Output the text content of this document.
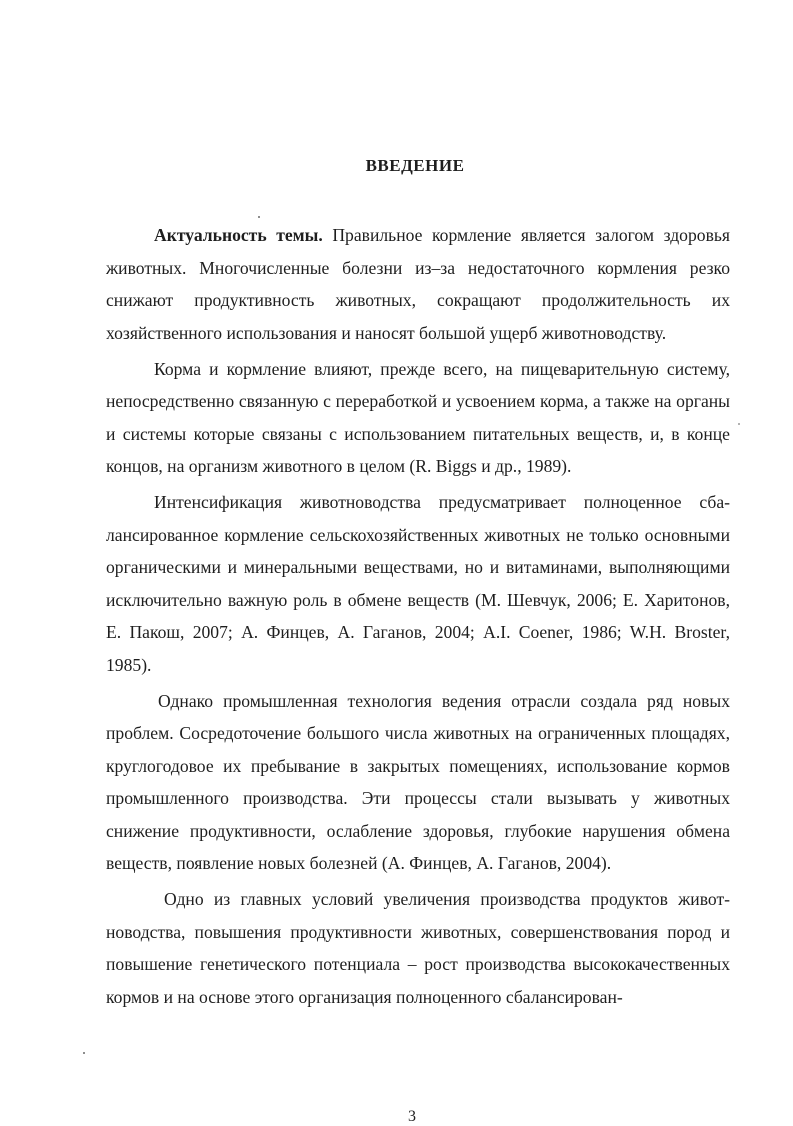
ВВЕДЕНИЕ

Актуальность темы. Правильное кормление является залогом здоровья животных. Многочисленные болезни из–за недостаточного кормления резко снижают продуктивность животных, сокращают продолжительность их хозяйственного использования и наносят большой ущерб животноводству.

Корма и кормление влияют, прежде всего, на пищеварительную систему, непосредственно связанную с переработкой и усвоением корма, а также на органы и системы которые связаны с использованием питательных веществ, и, в конце концов, на организм животного в целом (R. Biggs и др., 1989).

Интенсификация животноводства предусматривает полноценное сбалансированное кормление сельскохозяйственных животных не только основными органическими и минеральными веществами, но и витаминами, выполняющими исключительно важную роль в обмене веществ (М. Шевчук, 2006; Е. Харитонов, Е. Пакош, 2007; А. Финцев, А. Гаганов, 2004; A.I. Coener, 1986; W.H. Broster, 1985).

Однако промышленная технология ведения отрасли создала ряд новых проблем. Сосредоточение большого числа животных на ограниченных площадях, круглогодовое их пребывание в закрытых помещениях, использование кормов промышленного производства. Эти процессы стали вызывать у животных снижение продуктивности, ослабление здоровья, глубокие нарушения обмена веществ, появление новых болезней (А. Финцев, А. Гаганов, 2004).

Одно из главных условий увеличения производства продуктов животноводства, повышения продуктивности животных, совершенствования пород и повышение генетического потенциала – рост производства высококачественных кормов и на основе этого организация полноценного сбалансирован-

3
